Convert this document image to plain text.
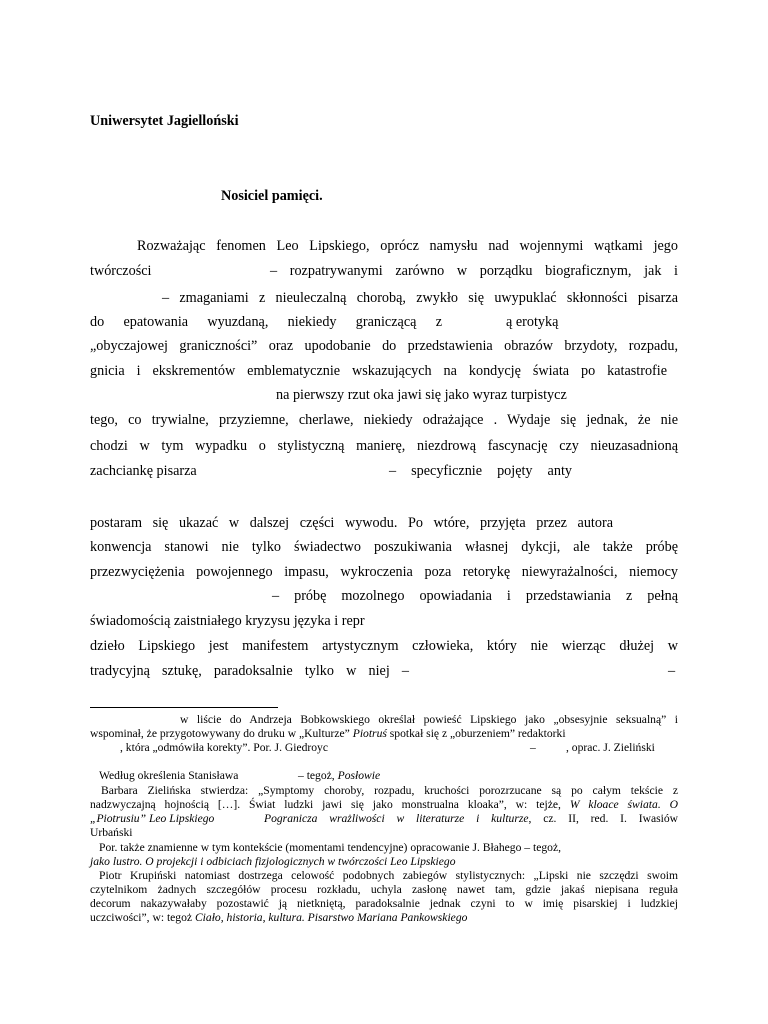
Uniwersytet Jagielloński
Nosiciel pamięci.
Rozważając fenomen Leo Lipskiego, oprócz namysłu nad wojennymi wątkami jego
twórczości	– rozpatrywanymi zarówno w porządku biograficznym, jak i
– zmaganiami z nieuleczalną chorobą, zwykło się uwypuklać skłonności pisarza
do epatowania wyuzdaną, niekiedy graniczącą z	ą erotyką
„obyczajowej graniczności” oraz upodobanie do przedstawienia obrazów brzydoty, rozpadu,
gnicia i ekskrementów emblematycznie wskazujących na kondycję świata po katastrofie
na pierwszy rzut oka jawi się jako wyraz turpistycz
tego, co trywialne, przyziemne, cherlawe, niekiedy odrażające . Wydaje się jednak, że nie
chodzi w tym wypadku o stylistyczną manierę, niezdrową fascynację czy nieuzasadnioną
zachciankę pisarza	– specyficznie pojęty anty
postaram się ukazać w dalszej części wywodu. Po wtóre, przyjęta przez autora
konwencja stanowi nie tylko świadectwo poszukiwania własnej dykcji, ale także próbę
przezwyciężenia powojennego impasu, wykroczenia poza retorykę niewyrażalności, niemocy
– próbę mozolnego opowiadania i przedstawiania z pełną
świadomością zaistniałego kryzysu języka i repr
dzieło Lipskiego jest manifestem artystycznym człowieka, który nie wierząc dłużej w
tradycyjną sztukę, paradoksalnie tylko w niej –	–
w liście do Andrzeja Bobkowskiego określał powieść Lipskiego jako „obsesyjnie seksualną” i
wspominał, że przygotowywany do druku w „Kulturze” Piotruś spotkał się z „oburzeniem” redaktorki
, która „odmówiła korekty”. Por. J. Giedroyc	–	, oprac. J. Zieliński
Według określenia Stanisława	– tegoż, Posłowie
Barbara Zielińska stwierdza: „Symptomy choroby, rozpadu, kruchości porozrzucane są po całym tekście z
nadzwyczajną hojnością […]. Świat ludzki jawi się jako monstrualna kloaka”, w: tejże, W kloace świata. O
„Piotrusiu” Leo Lipskiego	Pogranicza wrażliwości w literaturze i kulturze, cz. II, red. I. Iwasiów
Urbański
Por. także znamienne w tym kontekście (momentami tendencyjne) opracowanie J. Błahego – tegoż,
jako lustro. O projekcji i odbiciach fizjologicznych w twórczości Leo Lipskiego
Piotr Krupiński natomiast dostrzega celowość podobnych zabiegów stylistycznych: „Lipski nie szczędzi swoim
czytelnikom żadnych szczegółów procesu rozkładu, uchyla zasłonę nawet tam, gdzie jakaś niepisana reguła
decorum nakazywałaby pozostawić ją nietkniętą, paradoksalnie jednak czyni to w imię pisarskiej i ludzkiej
uczciwości”, w: tegoż Ciało, historia, kultura. Pisarstwo Mariana Pankowskiego
